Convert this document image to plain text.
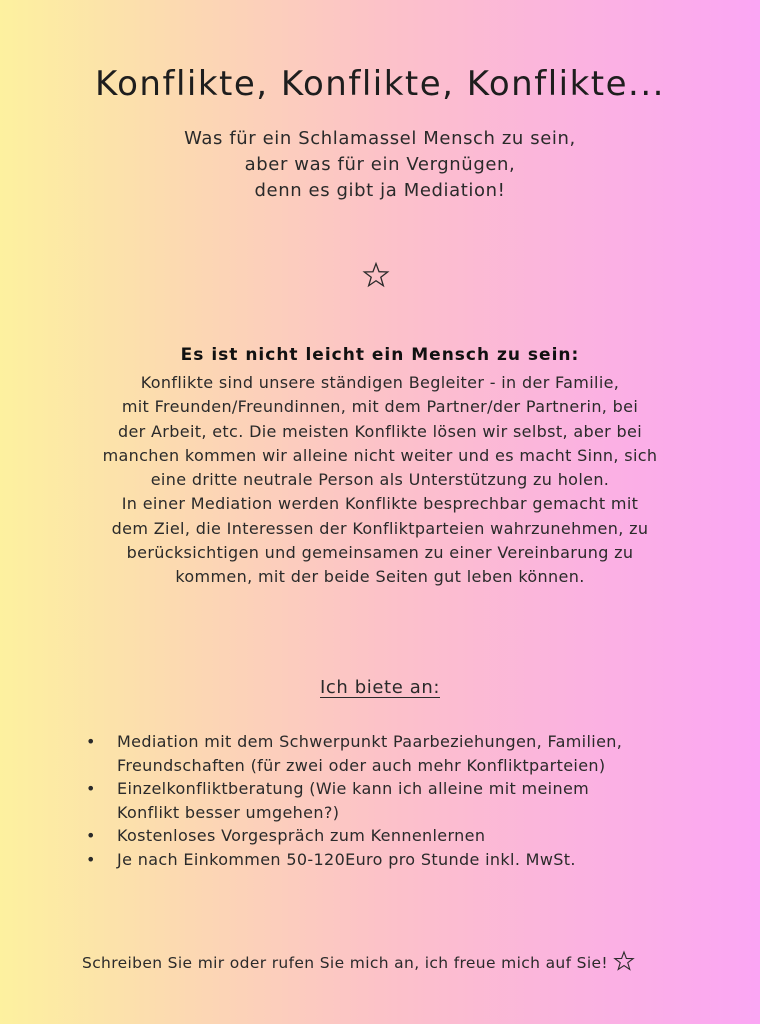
Konflikte, Konflikte, Konflikte...
Was für ein Schlamassel Mensch zu sein,
aber was für ein Vergnügen,
denn es gibt ja Mediation!
Es ist nicht leicht ein Mensch zu sein:
Konflikte sind unsere ständigen Begleiter - in der Familie,
mit Freunden/Freundinnen, mit dem Partner/der Partnerin, bei
der Arbeit, etc. Die meisten Konflikte lösen wir selbst, aber bei
manchen kommen wir alleine nicht weiter und es macht Sinn, sich
eine dritte neutrale Person als Unterstützung zu holen.
In einer Mediation werden Konflikte besprechbar gemacht mit
dem Ziel, die Interessen der Konfliktparteien wahrzunehmen, zu
berücksichtigen und gemeinsamen zu einer Vereinbarung zu
kommen, mit der beide Seiten gut leben können.
Ich biete an:
• Mediation mit dem Schwerpunkt Paarbeziehungen, Familien,
Freundschaften (für zwei oder auch mehr Konfliktparteien)
• Einzelkonfliktberatung (Wie kann ich alleine mit meinem
Konflikt besser umgehen?)
• Kostenloses Vorgespräch zum Kennenlernen
• Je nach Einkommen 50-120Euro pro Stunde inkl. MwSt.
Schreiben Sie mir oder rufen Sie mich an, ich freue mich auf Sie!
